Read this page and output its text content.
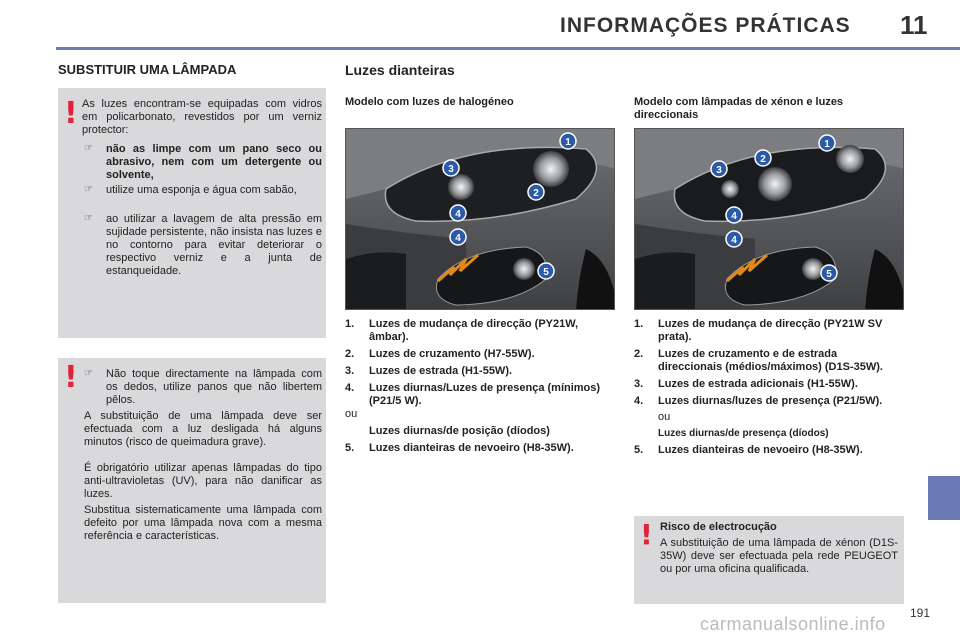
INFORMAÇÕES PRÁTICAS 11
SUBSTITUIR UMA LÂMPADA
! As luzes encontram-se equipadas com vidros em policarbonato, revestidos por um verniz protector:
☞ não as limpe com um pano seco ou abrasivo, nem com um detergente ou solvente,
☞ utilize uma esponja e água com sabão,
☞ ao utilizar a lavagem de alta pressão em sujidade persistente, não insista nas luzes e no contorno para evitar deteriorar o respectivo verniz e a junta de estanqueidade.
! ☞ Não toque directamente na lâmpada com os dedos, utilize panos que não libertem pêlos.
A substituição de uma lâmpada deve ser efectuada com a luz desligada há alguns minutos (risco de queimadura grave).
É obrigatório utilizar apenas lâmpadas do tipo anti-ultravioletas (UV), para não danificar as luzes.
Substitua sistematicamente uma lâmpada com defeito por uma lâmpada nova com a mesma referência e características.
Luzes dianteiras
Modelo com luzes de halogéneo
1
2
3
4
4
5
1. Luzes de mudança de direcção (PY21W, âmbar).
2. Luzes de cruzamento (H7-55W).
3. Luzes de estrada (H1-55W).
4. Luzes diurnas/Luzes de presença (mínimos) (P21/5 W).
ou
Luzes diurnas/de posição (díodos)
5. Luzes dianteiras de nevoeiro (H8-35W).
Modelo com lâmpadas de xénon e luzes direccionais
1
2
3
4
4
5
1. Luzes de mudança de direcção (PY21W SV prata).
2. Luzes de cruzamento e de estrada direccionais (médios/máximos) (D1S-35W).
3. Luzes de estrada adicionais (H1-55W).
4. Luzes diurnas/luzes de presença (P21/5W).
ou
Luzes diurnas/de presença (díodos)
5. Luzes dianteiras de nevoeiro (H8-35W).
! Risco de electrocução
A substituição de uma lâmpada de xénon (D1S-35W) deve ser efectuada pela rede PEUGEOT ou por uma oficina qualificada.
carmanualsonline.info
191
